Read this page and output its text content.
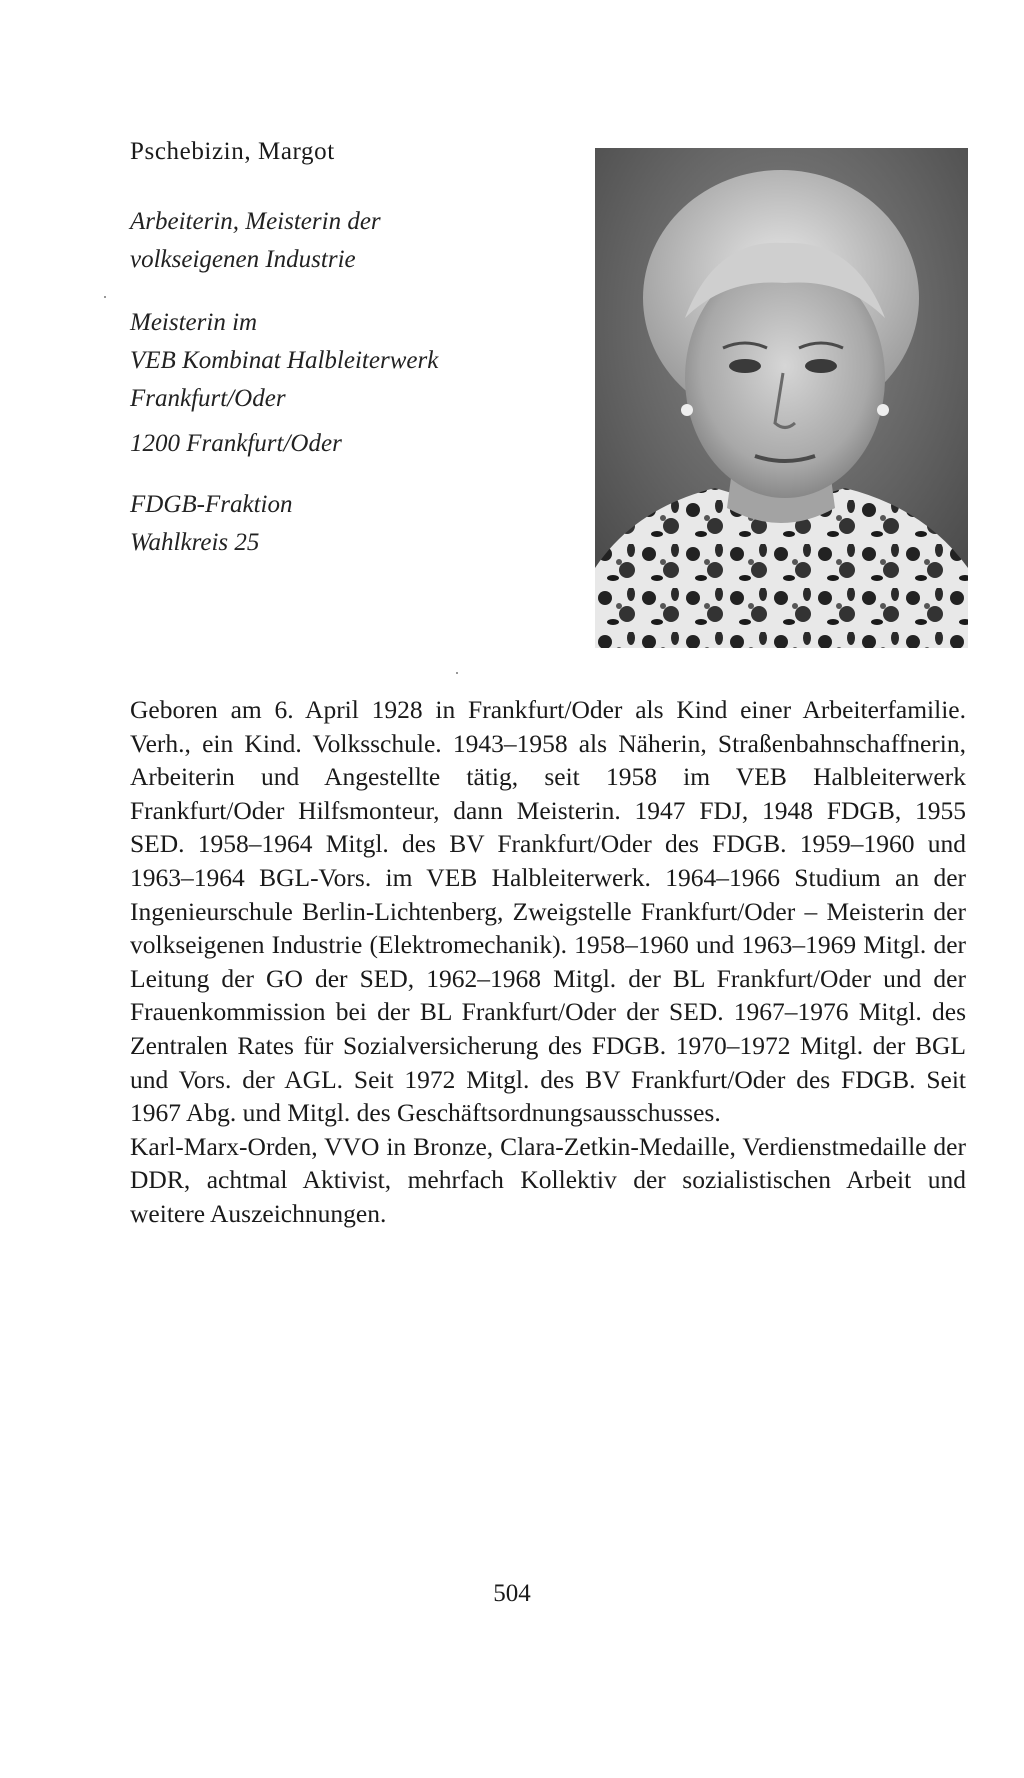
Pschebizin, Margot
Arbeiterin, Meisterin der
volkseigenen Industrie
Meisterin im
VEB Kombinat Halbleiterwerk
Frankfurt/Oder
1200 Frankfurt/Oder
FDGB-Fraktion
Wahlkreis 25

Geboren am 6. April 1928 in Frankfurt/Oder als Kind einer Arbeiterfamilie. Verh., ein Kind. Volksschule. 1943–1958 als Näherin, Straßenbahnschaffnerin, Arbeiterin und Angestellte tätig, seit 1958 im VEB Halbleiterwerk Frankfurt/Oder Hilfsmonteur, dann Meisterin. 1947 FDJ, 1948 FDGB, 1955 SED. 1958–1964 Mitgl. des BV Frankfurt/Oder des FDGB. 1959–1960 und 1963–1964 BGL-Vors. im VEB Halbleiterwerk. 1964–1966 Studium an der Ingenieurschule Berlin-Lichtenberg, Zweigstelle Frankfurt/Oder – Meisterin der volkseigenen Industrie (Elektromechanik). 1958–1960 und 1963–1969 Mitgl. der Leitung der GO der SED, 1962–1968 Mitgl. der BL Frankfurt/Oder und der Frauenkommission bei der BL Frankfurt/Oder der SED. 1967–1976 Mitgl. des Zentralen Rates für Sozialversicherung des FDGB. 1970–1972 Mitgl. der BGL und Vors. der AGL. Seit 1972 Mitgl. des BV Frankfurt/Oder des FDGB. Seit 1967 Abg. und Mitgl. des Geschäftsordnungsausschusses.

Karl-Marx-Orden, VVO in Bronze, Clara-Zetkin-Medaille, Verdienstmedaille der DDR, achtmal Aktivist, mehrfach Kollektiv der sozialistischen Arbeit und weitere Auszeichnungen.

504
